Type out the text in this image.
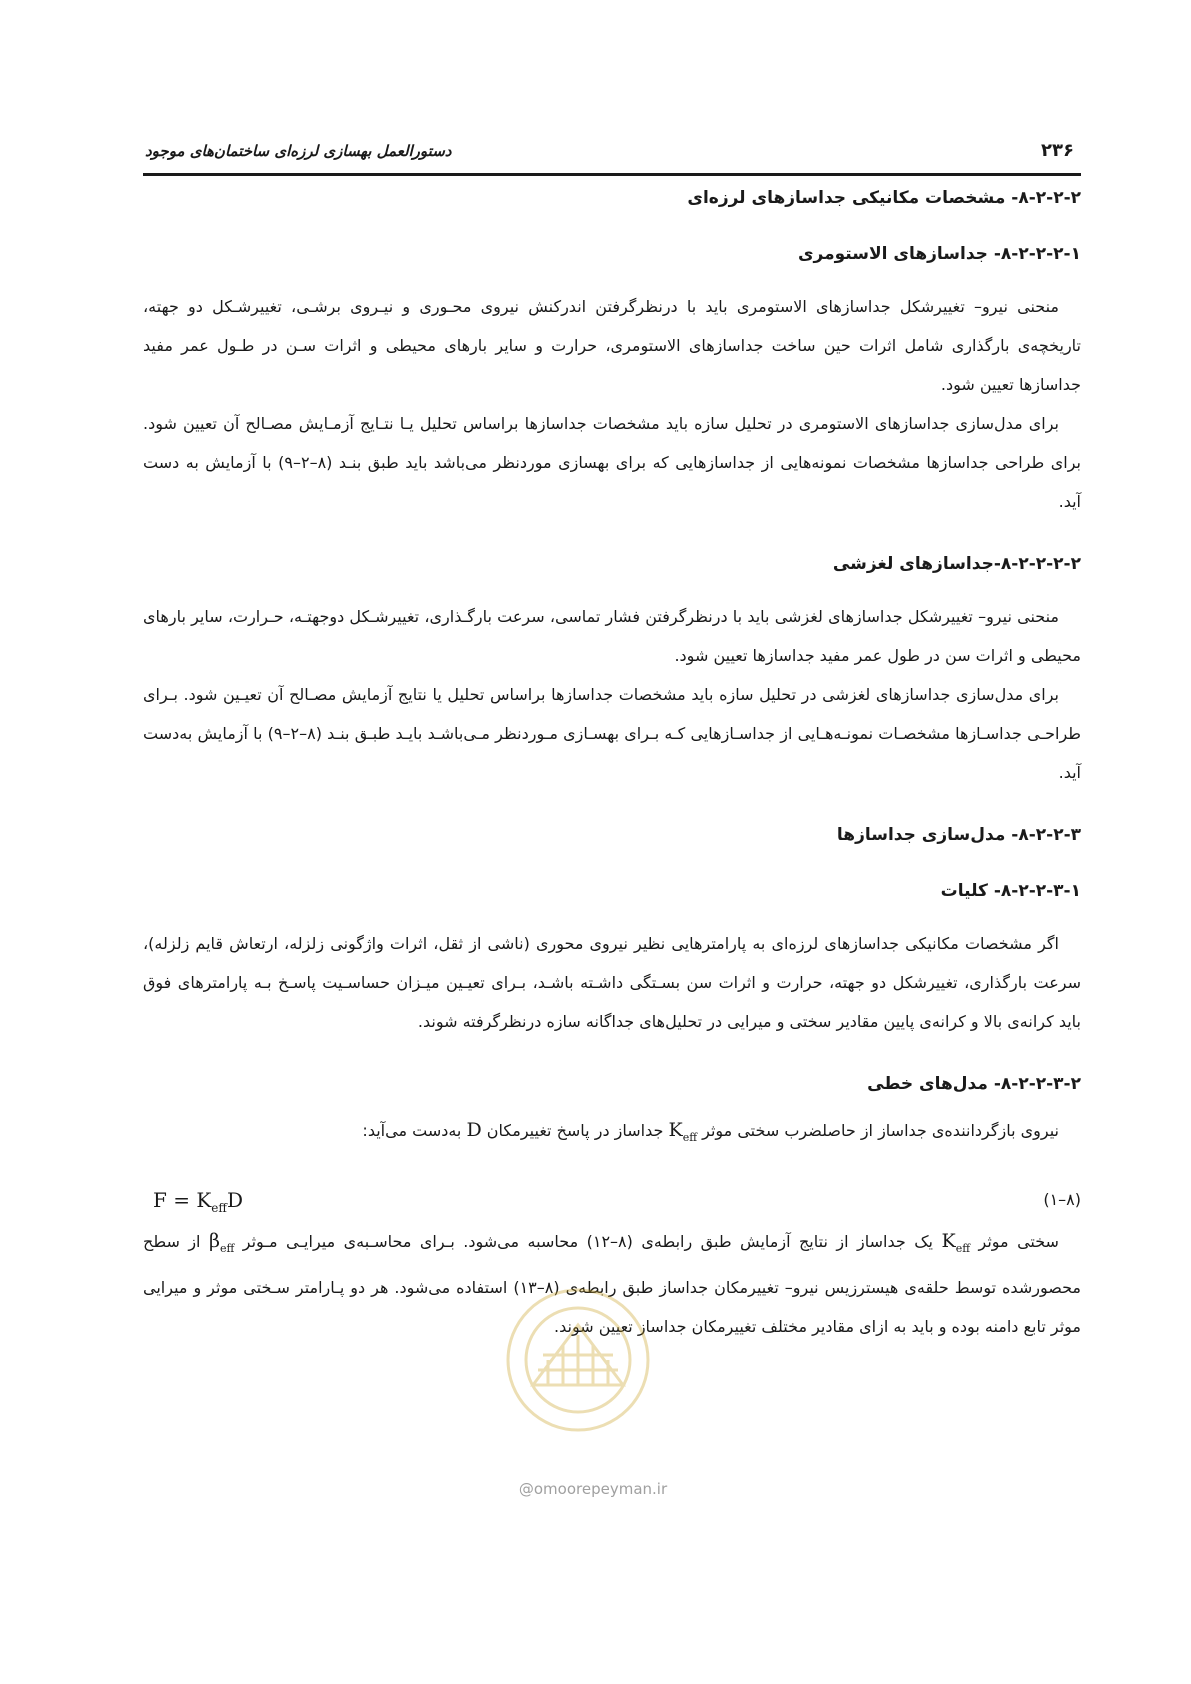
دستورالعمل بهسازی لرزه‌ای ساختمان‌های موجود	۲۳۶

۸-۲-۲-۲- مشخصات مکانیکی جداسازهای لرزه‌ای

۸-۲-۲-۲-۱- جداسازهای الاستومری

منحنی نیرو– تغییرشکل جداسازهای الاستومری باید با درنظرگرفتن اندرکنش نیروی محـوری و نیـروی برشـی، تغییرشـکل دو جهته، تاریخچه‌ی بارگذاری شامل اثرات حین ساخت جداسازهای الاستومری، حرارت و سایر بارهای محیطی و اثرات سـن در طـول عمر مفید جداسازها تعیین شود.

برای مدل‌سازی جداسازهای الاستومری در تحلیل سازه باید مشخصات جداسازها براساس تحلیل یـا نتـایج آزمـایش مصـالح آن تعیین شود. برای طراحی جداسازها مشخصات نمونه‌هایی از جداسازهایی که برای بهسازی موردنظر می‌باشد باید طبق بنـد (۸–۲–۹) با آزمایش به دست آید.

۸-۲-۲-۲-۲-جداسازهای لغزشی

منحنی نیرو– تغییرشکل جداسازهای لغزشی باید با درنظرگرفتن فشار تماسی، سرعت بارگـذاری، تغییرشـکل دوجهتـه، حـرارت، سایر بارهای محیطی و اثرات سن در طول عمر مفید جداسازها تعیین شود.

برای مدل‌سازی جداسازهای لغزشی در تحلیل سازه باید مشخصات جداسازها براساس تحلیل یا نتایج آزمایش مصـالح آن تعیـین شود. بـرای طراحـی جداسـازها مشخصـات نمونـه‌هـایی از جداسـازهایی کـه بـرای بهسـازی مـوردنظر مـی‌باشـد بایـد طبـق بنـد (۸–۲–۹) با آزمایش به‌دست آید.

۸-۲-۲-۳- مدل‌سازی جداسازها

۸-۲-۲-۳-۱- کلیات

اگر مشخصات مکانیکی جداسازهای لرزه‌ای به پارامترهایی نظیر نیروی محوری (ناشی از ثقل، اثرات واژگونی زلزله، ارتعاش قایم زلزله)، سرعت بارگذاری، تغییرشکل دو جهته، حرارت و اثرات سن بسـتگی داشـته باشـد، بـرای تعیـین میـزان حساسـیت پاسـخ بـه پارامترهای فوق باید کرانه‌ی بالا و کرانه‌ی پایین مقادیر سختی و میرایی در تحلیل‌های جداگانه سازه درنظرگرفته شوند.

۸-۲-۲-۳-۲- مدل‌های خطی

نیروی بازگرداننده‌ی جداساز از حاصلضرب سختی موثر $K_{eff}$ جداساز در پاسخ تغییرمکان D به‌دست می‌آید:

$F = K_{eff}D$	(۸–۱)

سختی موثر $K_{eff}$ یک جداساز از نتایج آزمایش طبق رابطه‌ی (۸–۱۲) محاسبه می‌شود. بـرای محاسـبه‌ی میرایـی مـوثر $\beta_{eff}$ از سطح محصورشده توسط حلقه‌ی هیسترزیس نیرو– تغییرمکان جداساز طبق رابطه‌ی (۸–۱۳) استفاده می‌شود. هر دو پـارامتر سـختی موثر و میرایی موثر تابع دامنه بوده و باید به ازای مقادیر مختلف تغییرمکان جداساز تعیین شوند.

@omoorepeyman.ir
